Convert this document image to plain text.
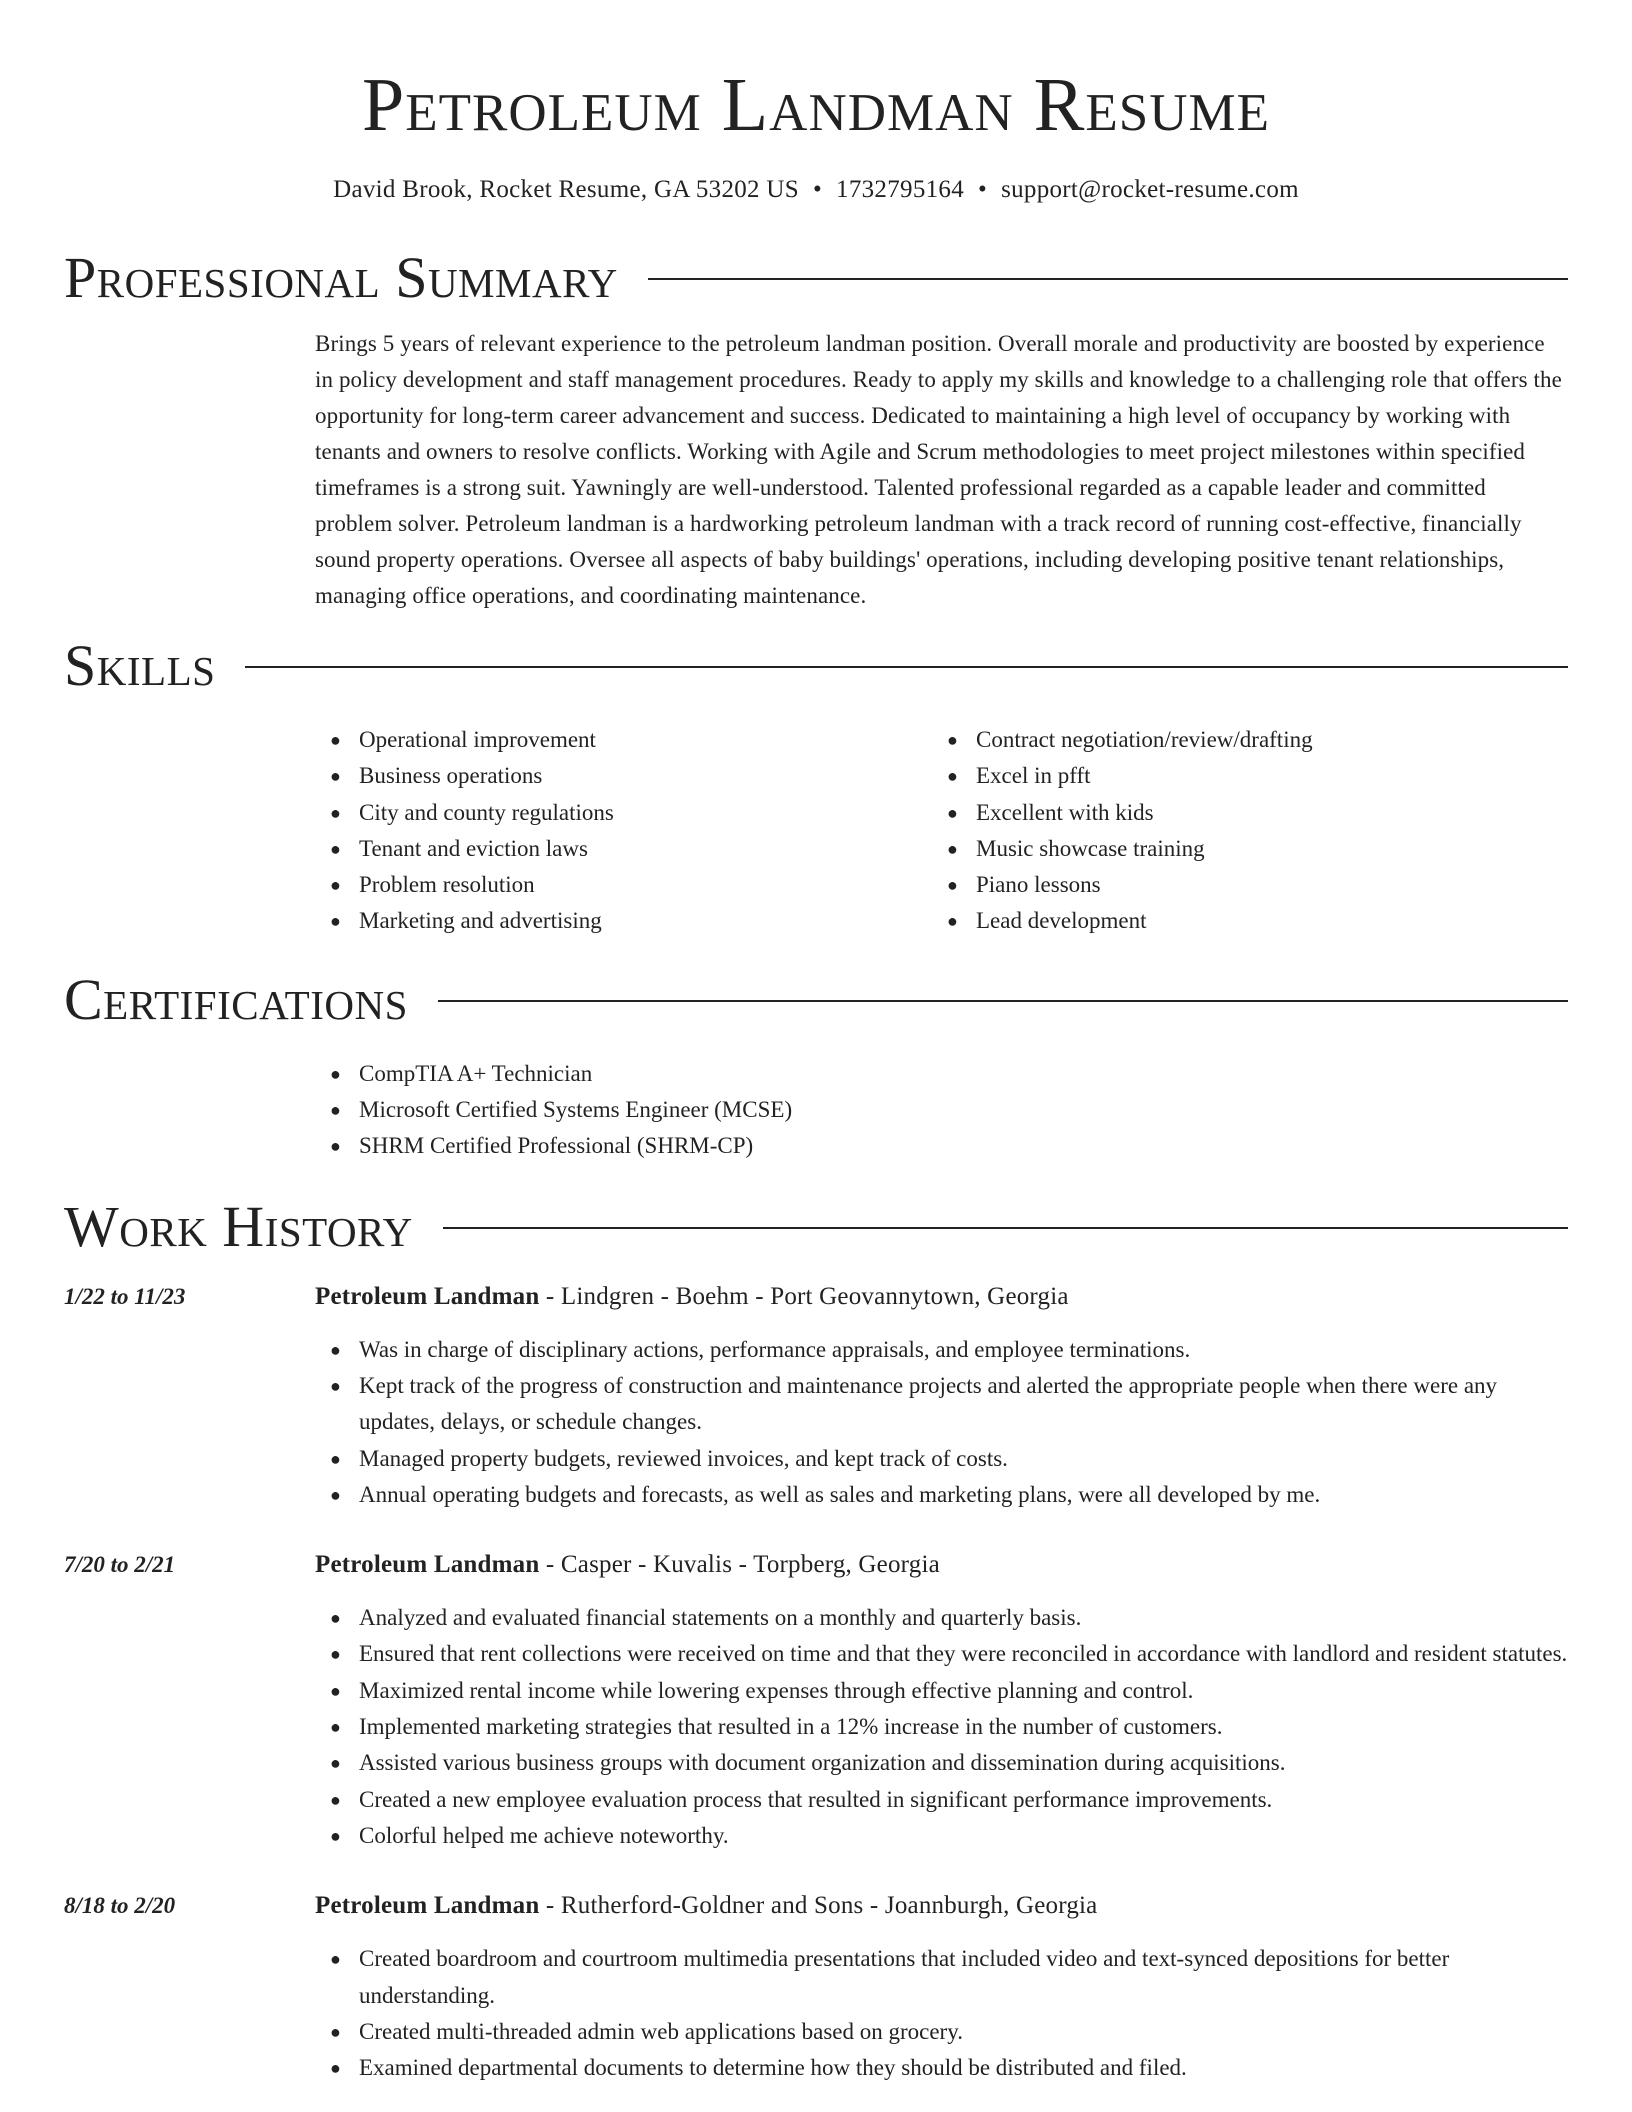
Petroleum Landman Resume
David Brook, Rocket Resume, GA 53202 US • 1732795164 • support@rocket-resume.com
Professional Summary

Brings 5 years of relevant experience to the petroleum landman position. Overall morale and productivity are boosted by experience in policy development and staff management procedures. Ready to apply my skills and knowledge to a challenging role that offers the opportunity for long-term career advancement and success. Dedicated to maintaining a high level of occupancy by working with tenants and owners to resolve conflicts. Working with Agile and Scrum methodologies to meet project milestones within specified timeframes is a strong suit. Yawningly are well-understood. Talented professional regarded as a capable leader and committed problem solver. Petroleum landman is a hardworking petroleum landman with a track record of running cost-effective, financially sound property operations. Oversee all aspects of baby buildings' operations, including developing positive tenant relationships, managing office operations, and coordinating maintenance.

Skills
● Operational improvement
● Business operations
● City and county regulations
● Tenant and eviction laws
● Problem resolution
● Marketing and advertising
● Contract negotiation/review/drafting
● Excel in pfft
● Excellent with kids
● Music showcase training
● Piano lessons
● Lead development
Certifications
● CompTIA A+ Technician
● Microsoft Certified Systems Engineer (MCSE)
● SHRM Certified Professional (SHRM-CP)
Work History
1/22 to 11/23	Petroleum Landman - Lindgren - Boehm - Port Geovannytown, Georgia
● Was in charge of disciplinary actions, performance appraisals, and employee terminations.
● Kept track of the progress of construction and maintenance projects and alerted the appropriate people when there were any updates, delays, or schedule changes.
● Managed property budgets, reviewed invoices, and kept track of costs.
● Annual operating budgets and forecasts, as well as sales and marketing plans, were all developed by me.
7/20 to 2/21	Petroleum Landman - Casper - Kuvalis - Torpberg, Georgia
● Analyzed and evaluated financial statements on a monthly and quarterly basis.
● Ensured that rent collections were received on time and that they were reconciled in accordance with landlord and resident statutes.
● Maximized rental income while lowering expenses through effective planning and control.
● Implemented marketing strategies that resulted in a 12% increase in the number of customers.
● Assisted various business groups with document organization and dissemination during acquisitions.
● Created a new employee evaluation process that resulted in significant performance improvements.
● Colorful helped me achieve noteworthy.
8/18 to 2/20	Petroleum Landman - Rutherford-Goldner and Sons - Joannburgh, Georgia
● Created boardroom and courtroom multimedia presentations that included video and text-synced depositions for better understanding.
● Created multi-threaded admin web applications based on grocery.
● Examined departmental documents to determine how they should be distributed and filed.
